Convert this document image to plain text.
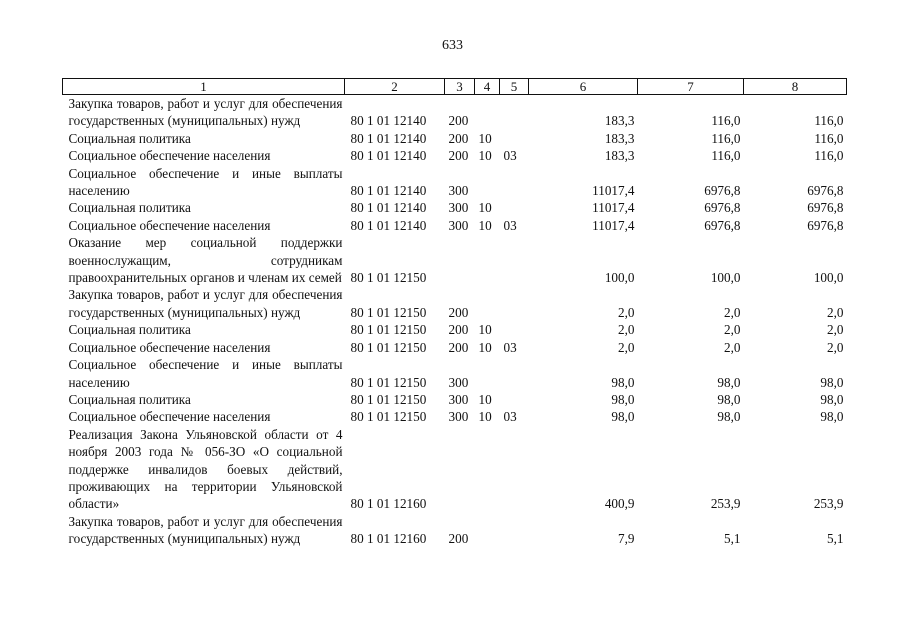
633
1	2	3	4	5	6	7	8
Закупка товаров, работ и услуг для обеспечения государственных (муниципальных) нужд	80 1 01 12140	200			183,3	116,0	116,0
Социальная политика	80 1 01 12140	200	10		183,3	116,0	116,0
Социальное обеспечение населения	80 1 01 12140	200	10	03	183,3	116,0	116,0
Социальное обеспечение и иные выплаты населению	80 1 01 12140	300			11017,4	6976,8	6976,8
Социальная политика	80 1 01 12140	300	10		11017,4	6976,8	6976,8
Социальное обеспечение населения	80 1 01 12140	300	10	03	11017,4	6976,8	6976,8
Оказание мер социальной поддержки военнослужащим, сотрудникам правоохранительных органов и членам их семей	80 1 01 12150				100,0	100,0	100,0
Закупка товаров, работ и услуг для обеспечения государственных (муниципальных) нужд	80 1 01 12150	200			2,0	2,0	2,0
Социальная политика	80 1 01 12150	200	10		2,0	2,0	2,0
Социальное обеспечение населения	80 1 01 12150	200	10	03	2,0	2,0	2,0
Социальное обеспечение и иные выплаты населению	80 1 01 12150	300			98,0	98,0	98,0
Социальная политика	80 1 01 12150	300	10		98,0	98,0	98,0
Социальное обеспечение населения	80 1 01 12150	300	10	03	98,0	98,0	98,0
Реализация Закона Ульяновской области от 4 ноября 2003 года № 056-ЗО «О социальной поддержке инвалидов боевых действий, проживающих на территории Ульяновской области»	80 1 01 12160				400,9	253,9	253,9
Закупка товаров, работ и услуг для обеспечения государственных (муниципальных) нужд	80 1 01 12160	200			7,9	5,1	5,1
